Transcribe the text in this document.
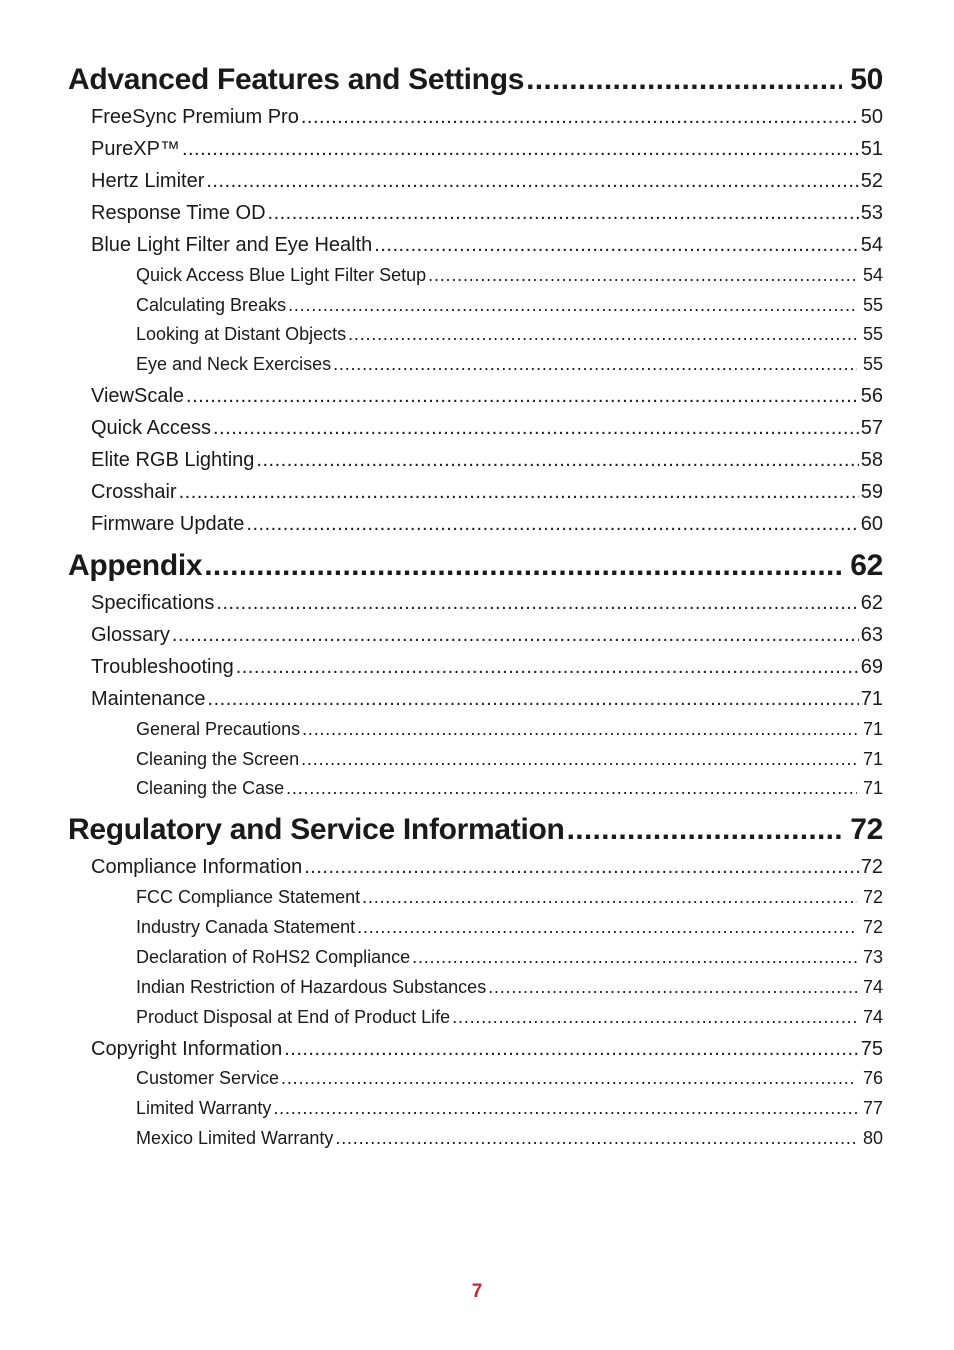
Advanced Features and Settings .....	50
FreeSync Premium Pro .....	50
PureXP™ .....	51
Hertz Limiter .....	52
Response Time OD .....	53
Blue Light Filter and Eye Health .....	54
Quick Access Blue Light Filter Setup .....	54
Calculating Breaks .....	55
Looking at Distant Objects .....	55
Eye and Neck Exercises .....	55
ViewScale .....	56
Quick Access .....	57
Elite RGB Lighting .....	58
Crosshair .....	59
Firmware Update .....	60
Appendix .....	62
Specifications .....	62
Glossary .....	63
Troubleshooting .....	69
Maintenance .....	71
General Precautions .....	71
Cleaning the Screen .....	71
Cleaning the Case .....	71
Regulatory and Service Information .....	72
Compliance Information .....	72
FCC Compliance Statement .....	72
Industry Canada Statement .....	72
Declaration of RoHS2 Compliance .....	73
Indian Restriction of Hazardous Substances .....	74
Product Disposal at End of Product Life .....	74
Copyright Information .....	75
Customer Service .....	76
Limited Warranty .....	77
Mexico Limited Warranty .....	80
7
